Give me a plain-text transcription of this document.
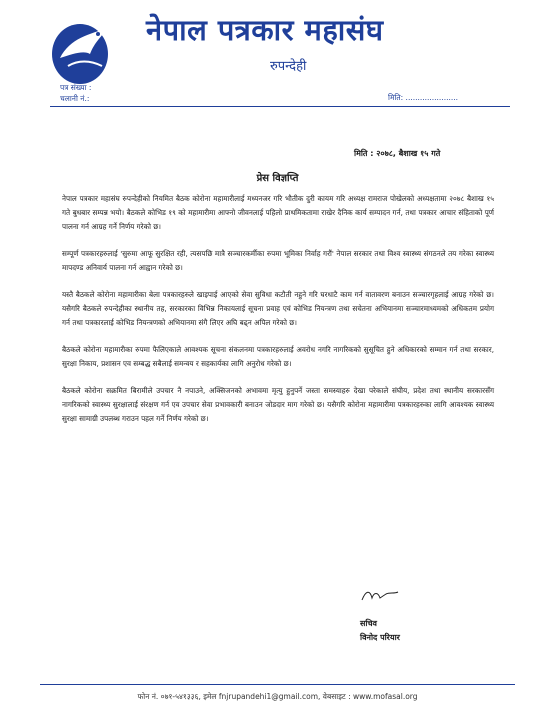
नेपाल पत्रकार महासंघ
रुपन्देही
पत्र संख्या :
चलानी नं.:	मिति: ......................
मिति : २०७८, बैशाख १५ गते
प्रेस विज्ञप्ति

नेपाल पत्रकार महासंघ रुपन्देहीको नियमित बैठक कोरोना महामारीलाई मध्यनजर गरि भौतीक दुरी कायम गरि अध्यक्ष रामराज पोखेलको अध्यक्षतामा २०७८ बैशाख १५ गते बुधबार सम्पन्न भयो। बैठकले कोभिड १९ को महामारीमा आफ्नो जीवनलाई पहिलो प्राथमिकतामा राखेर दैनिक कार्य सम्पादन गर्न, तथा पत्रकार आचार संहिताको पूर्ण पालना गर्न आग्रह गर्ने निर्णय गरेको छ।

सम्पूर्ण पत्रकारहरुलाई 'सुरुमा आफू सुरक्षित रही, त्यसपछि मात्रै सञ्चारकर्मीका रुपमा भूमिका निर्वाह गरौं' नेपाल सरकार तथा विश्व स्वास्थ्य संगठनले तय गरेका स्वास्थ्य मापदण्ड अनिवार्य पालना गर्न आह्वान गरेको छ।

यस्तै बैठकले कोरोना महामारीका बेला पत्रकारहरुले खाइपाई आएको सेवा सुविधा कटौती नहुने गरि घरधाटै काम गर्न वातावरण बनाउन सञ्चारगृहलाई आग्रह गरेको छ। यसैगरि बैठकले रुपन्देहीका स्थानीय तह, सरकारका विभिन्न निकायलाई सूचना प्रवाह एवं कोभिड नियन्त्रण तथा सचेतना अभियानमा सञ्चारमाध्यमको अधिकतम प्रयोग गर्न तथा पत्रकारलाई कोभिड नियन्त्रणको अभियानमा संगै लिएर अघि बढ्न अपिल गरेको छ।

बैठकले कोरोना महामारीका रुपमा फैलिएकाले आवश्यक सूचना संकलनमा पत्रकारहरुलाई अवरोध नगरि नागरिकको सुसूचित हुने अधिकारको सम्मान गर्न तथा सरकार, सुरक्षा निकाय, प्रशासन एव सम्बद्ध सबैलाई समन्वय र सहकार्यका लागि अनुरोध गरेको छ।

बैठकले कोरोना सक्रमित बिरामीले उपचार नै नपाउने, अक्सिजनको अभावमा मृत्यु हुनुपर्ने जस्ता समस्याहरु देखा परेकाले संघीय, प्रदेश तथा स्थानीय सरकारसँग नागरिकको स्वास्थ्य सुरक्षालाई संरक्षण गर्न एव उपचार सेवा प्रभावकारी बनाउन जोडदार माग गरेको छ। यसैगरि कोरोना महामारीमा पत्रकारहरुका लागि आवश्यक स्वास्थ्य सुरक्षा सामाग्री उपलब्ध गराउन पहल गर्ने निर्णय गरेको छ।

सचिव
विनोद परियार
फोन नं. ०७१-५४१३३६, इमेल fnjrupandehi1@gmail.com, वेबसाइट : www.mofasal.org
